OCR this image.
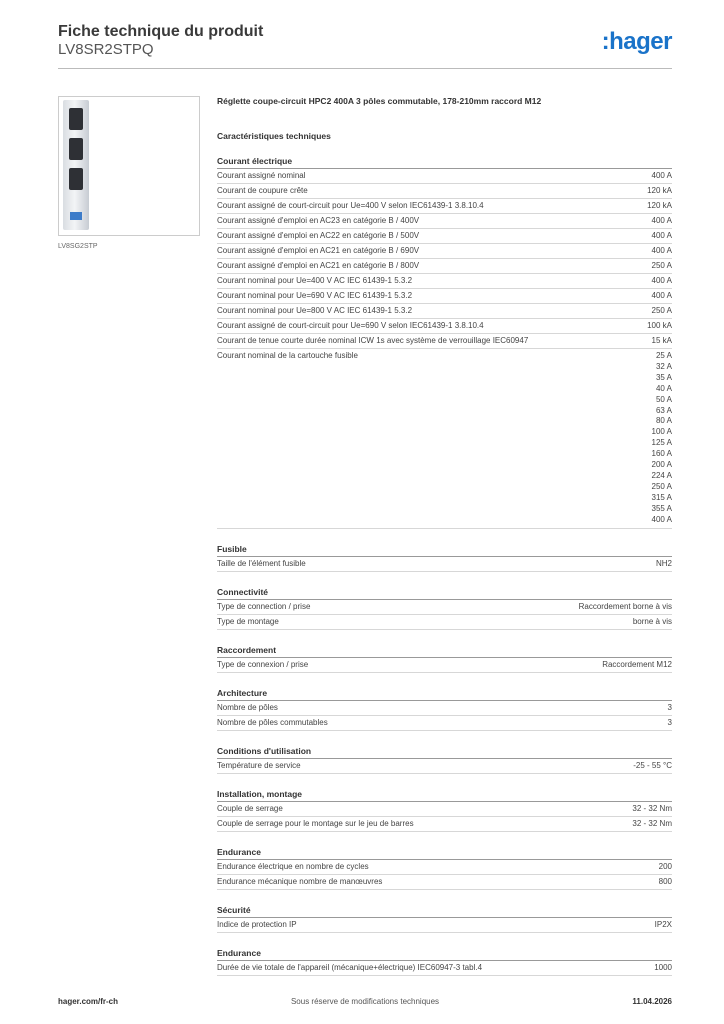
Fiche technique du produit
LV8SR2STPQ	:hager
LV8SG2STP
Réglette coupe-circuit HPC2 400A 3 pôles commutable, 178-210mm raccord M12
Caractéristiques techniques
Courant électrique
Courant assigné nominal	400 A
Courant de coupure crête	120 kA
Courant assigné de court-circuit pour Ue=400 V selon IEC61439-1 3.8.10.4	120 kA
Courant assigné d'emploi en AC23 en catégorie B / 400V	400 A
Courant assigné d'emploi en AC22 en catégorie B / 500V	400 A
Courant assigné d'emploi en AC21 en catégorie B / 690V	400 A
Courant assigné d'emploi en AC21 en catégorie B / 800V	250 A
Courant nominal pour Ue=400 V AC IEC 61439-1 5.3.2	400 A
Courant nominal pour Ue=690 V AC IEC 61439-1 5.3.2	400 A
Courant nominal pour Ue=800 V AC IEC 61439-1 5.3.2	250 A
Courant assigné de court-circuit pour Ue=690 V selon IEC61439-1 3.8.10.4	100 kA
Courant de tenue courte durée nominal ICW 1s avec système de verrouillage IEC60947	15 kA
Courant nominal de la cartouche fusible	25 A
32 A
35 A
40 A
50 A
63 A
80 A
100 A
125 A
160 A
200 A
224 A
250 A
315 A
355 A
400 A
Fusible
Taille de l'élément fusible	NH2
Connectivité
Type de connection / prise	Raccordement borne à vis
Type de montage	borne à vis
Raccordement
Type de connexion / prise	Raccordement M12
Architecture
Nombre de pôles	3
Nombre de pôles commutables	3
Conditions d'utilisation
Température de service	-25 - 55 °C
Installation, montage
Couple de serrage	32 - 32 Nm
Couple de serrage pour le montage sur le jeu de barres	32 - 32 Nm
Endurance
Endurance électrique en nombre de cycles	200
Endurance mécanique nombre de manœuvres	800
Sécurité
Indice de protection IP	IP2X
Endurance
Durée de vie totale de l'appareil (mécanique+électrique) IEC60947-3 tabl.4	1000
hager.com/fr-ch	Sous réserve de modifications techniques	11.04.2026
